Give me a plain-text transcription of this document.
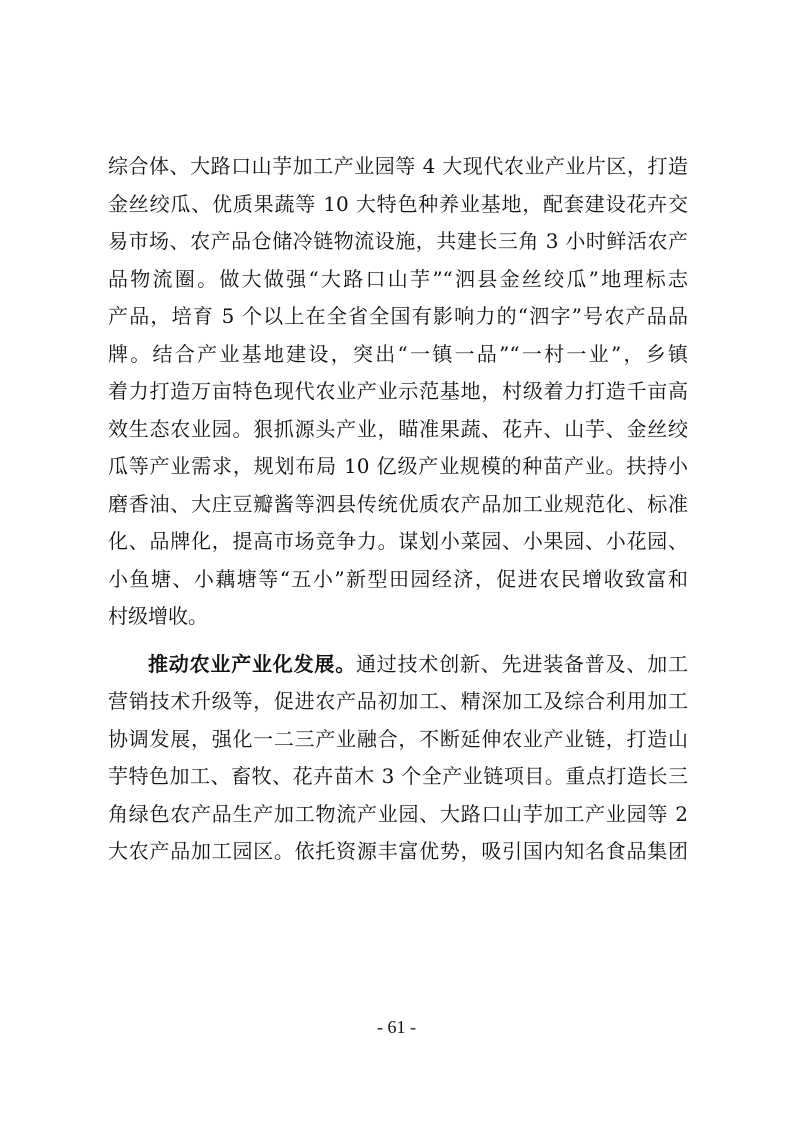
综合体、大路口山芋加工产业园等 4 大现代农业产业片区，打造
金丝绞瓜、优质果蔬等 10 大特色种养业基地，配套建设花卉交
易市场、农产品仓储冷链物流设施，共建长三角 3 小时鲜活农产
品物流圈。做大做强“大路口山芋”“泗县金丝绞瓜”地理标志
产品，培育 5 个以上在全省全国有影响力的“泗字”号农产品品
牌。结合产业基地建设，突出“一镇一品”“一村一业”，乡镇
着力打造万亩特色现代农业产业示范基地，村级着力打造千亩高
效生态农业园。狠抓源头产业，瞄准果蔬、花卉、山芋、金丝绞
瓜等产业需求，规划布局 10 亿级产业规模的种苗产业。扶持小
磨香油、大庄豆瓣酱等泗县传统优质农产品加工业规范化、标准
化、品牌化，提高市场竞争力。谋划小菜园、小果园、小花园、
小鱼塘、小藕塘等“五小”新型田园经济，促进农民增收致富和
村级增收。
推动农业产业化发展。通过技术创新、先进装备普及、加工
营销技术升级等，促进农产品初加工、精深加工及综合利用加工
协调发展，强化一二三产业融合，不断延伸农业产业链，打造山
芋特色加工、畜牧、花卉苗木 3 个全产业链项目。重点打造长三
角绿色农产品生产加工物流产业园、大路口山芋加工产业园等 2
大农产品加工园区。依托资源丰富优势，吸引国内知名食品集团
- 61 -
